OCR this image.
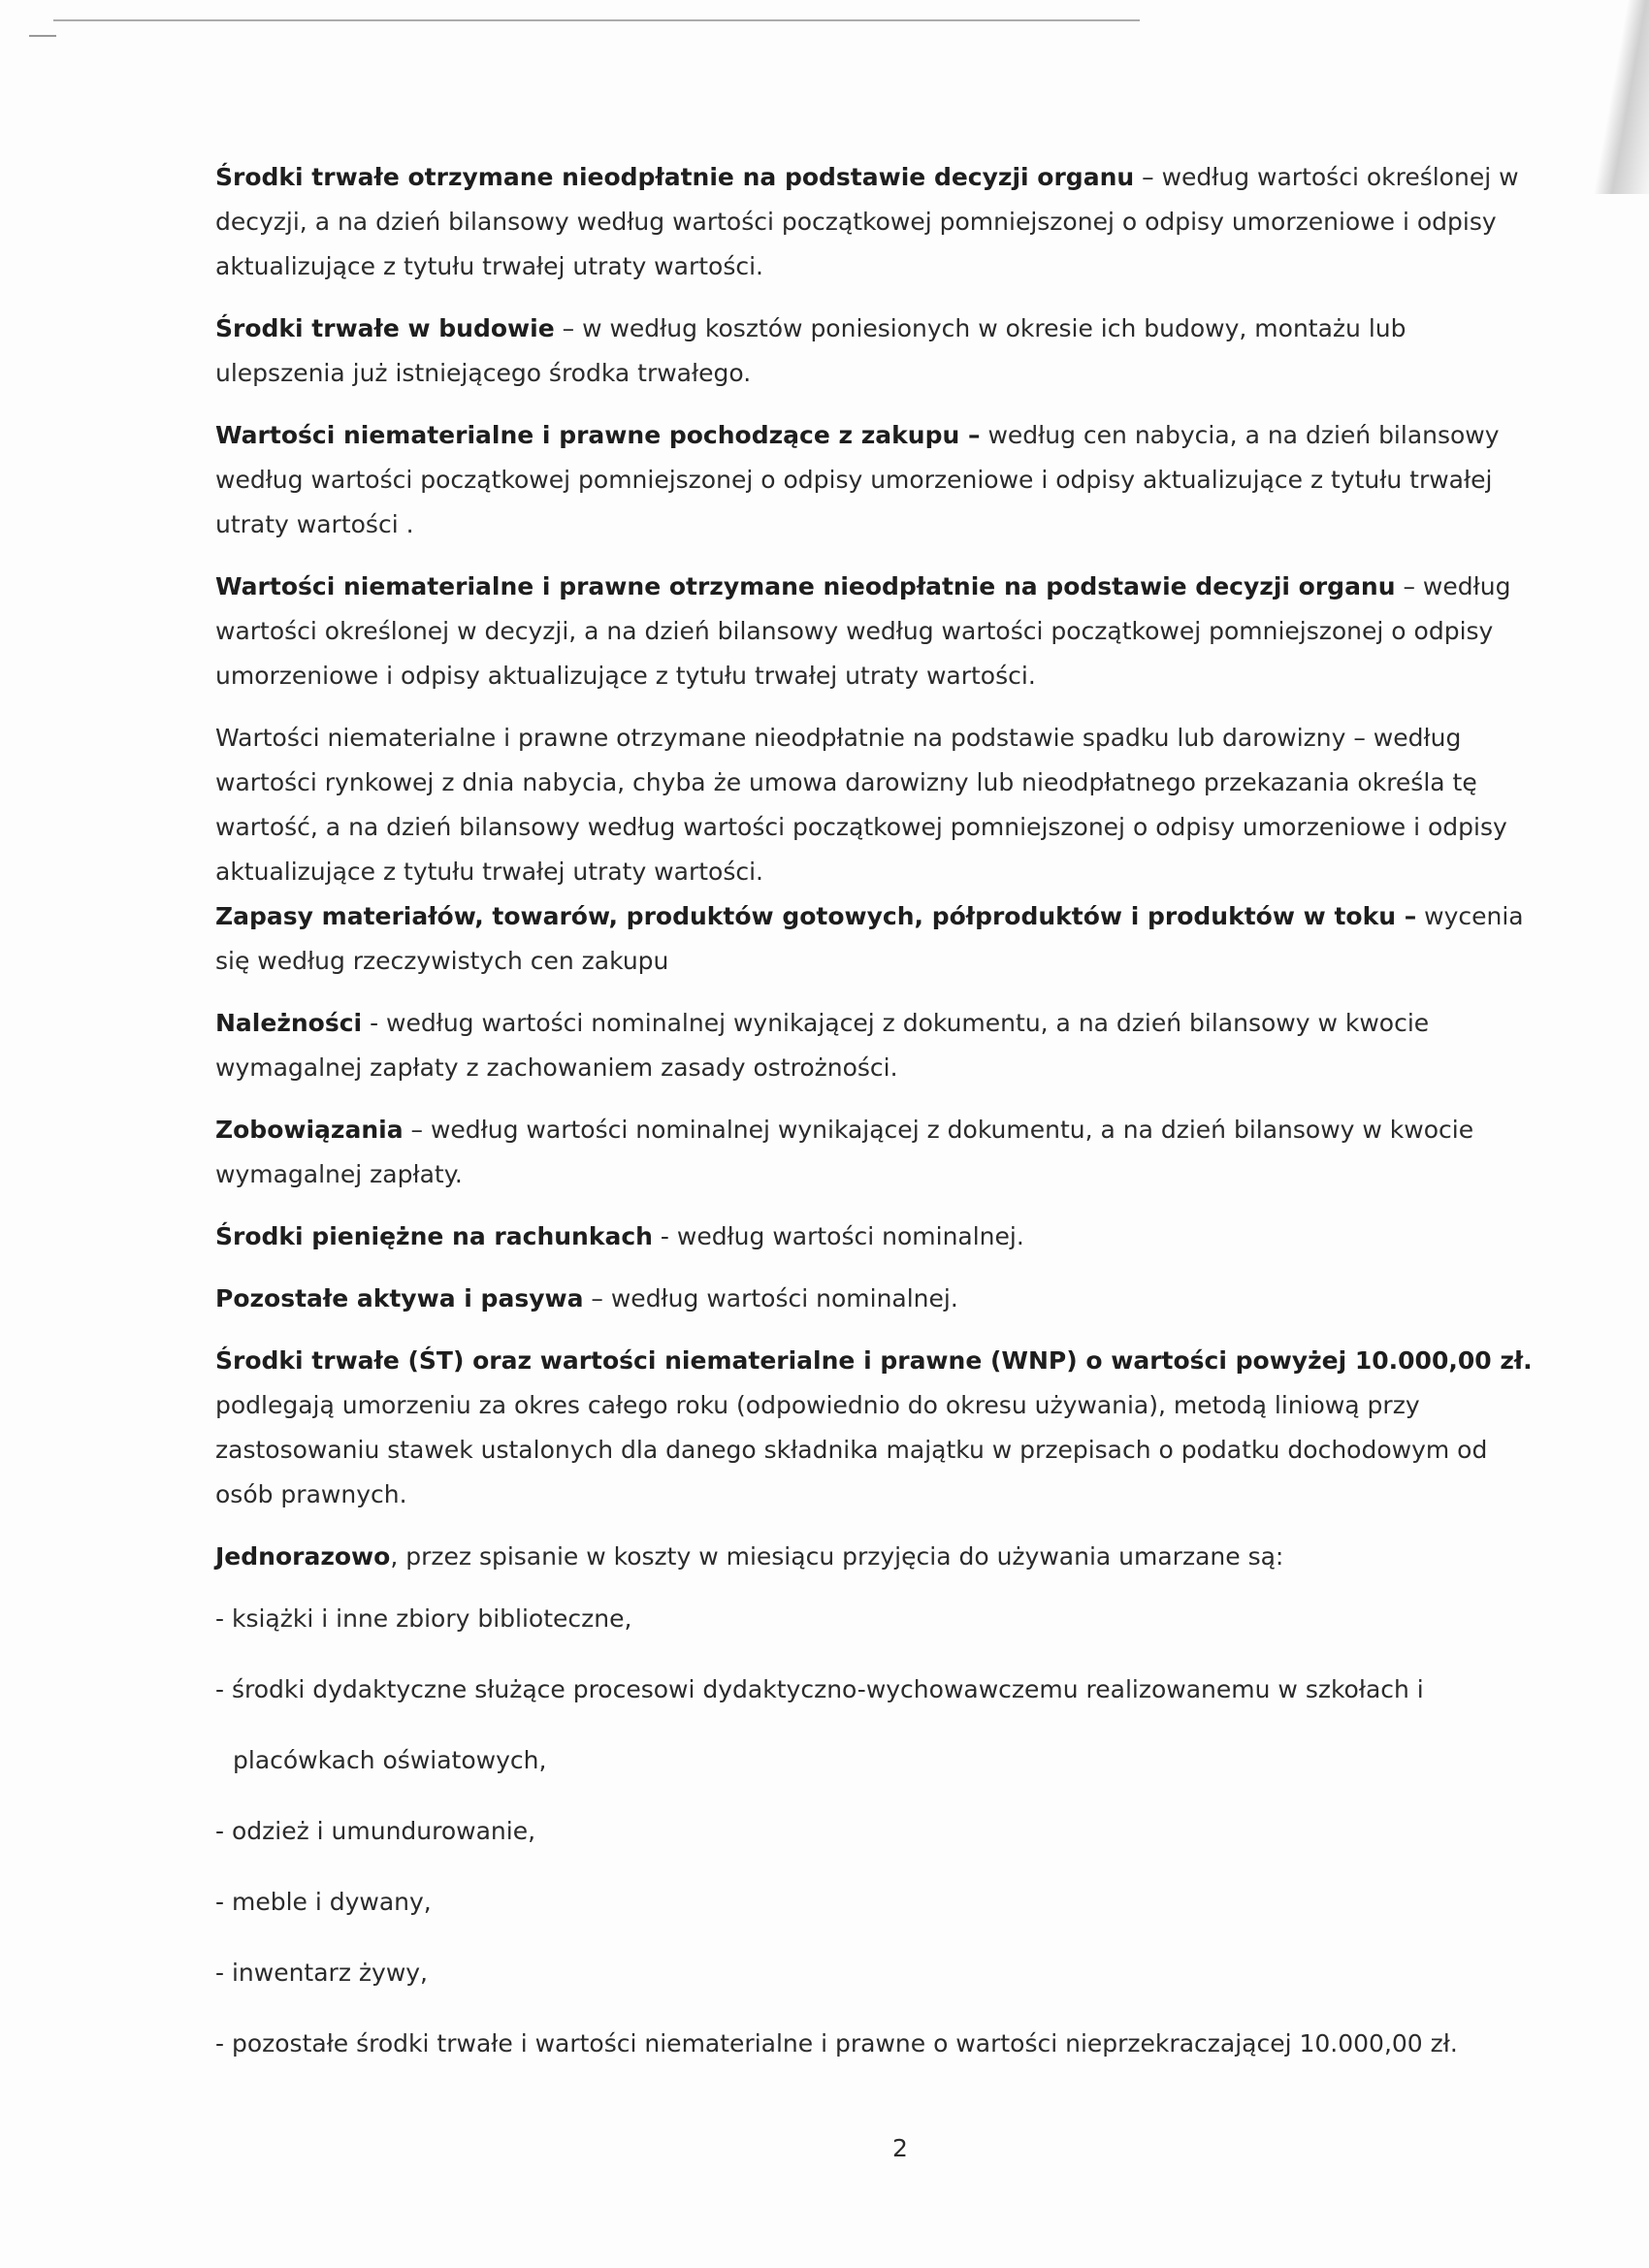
Środki trwałe otrzymane nieodpłatnie na podstawie decyzji organu – według wartości określonej w decyzji, a na dzień bilansowy według wartości początkowej pomniejszonej o odpisy umorzeniowe i odpisy aktualizujące z tytułu trwałej utraty wartości.

Środki trwałe w budowie – w według kosztów poniesionych w okresie ich budowy, montażu lub ulepszenia już istniejącego środka trwałego.

Wartości niematerialne i prawne pochodzące z zakupu – według cen nabycia, a na dzień bilansowy według wartości początkowej pomniejszonej o odpisy umorzeniowe i odpisy aktualizujące z tytułu trwałej utraty wartości .

Wartości niematerialne i prawne otrzymane nieodpłatnie na podstawie decyzji organu – według wartości określonej w decyzji, a na dzień bilansowy według wartości początkowej pomniejszonej o odpisy umorzeniowe i odpisy aktualizujące z tytułu trwałej utraty wartości.

Wartości niematerialne i prawne otrzymane nieodpłatnie na podstawie spadku lub darowizny – według wartości rynkowej z dnia nabycia, chyba że umowa darowizny lub nieodpłatnego przekazania określa tę wartość, a na dzień bilansowy według wartości początkowej pomniejszonej o odpisy umorzeniowe i odpisy aktualizujące z tytułu trwałej utraty wartości.

Zapasy materiałów, towarów, produktów gotowych, półproduktów i produktów w toku – wycenia się według rzeczywistych cen zakupu

Należności - według wartości nominalnej wynikającej z dokumentu, a na dzień bilansowy w kwocie wymagalnej zapłaty z zachowaniem zasady ostrożności.

Zobowiązania – według wartości nominalnej wynikającej z dokumentu, a na dzień bilansowy w kwocie wymagalnej zapłaty.

Środki pieniężne na rachunkach - według wartości nominalnej.

Pozostałe aktywa i pasywa – według wartości nominalnej.

Środki trwałe (ŚT) oraz wartości niematerialne i prawne (WNP) o wartości powyżej 10.000,00 zł. podlegają umorzeniu za okres całego roku (odpowiednio do okresu używania), metodą liniową przy zastosowaniu stawek ustalonych dla danego składnika majątku w przepisach o podatku dochodowym od osób prawnych.

Jednorazowo, przez spisanie w koszty w miesiącu przyjęcia do używania umarzane są:

- książki i inne zbiory biblioteczne,
- środki dydaktyczne służące procesowi dydaktyczno-wychowawczemu realizowanemu w szkołach i
placówkach oświatowych,
- odzież i umundurowanie,
- meble i dywany,
- inwentarz żywy,
- pozostałe środki trwałe i wartości niematerialne i prawne o wartości nieprzekraczającej 10.000,00 zł.
2
